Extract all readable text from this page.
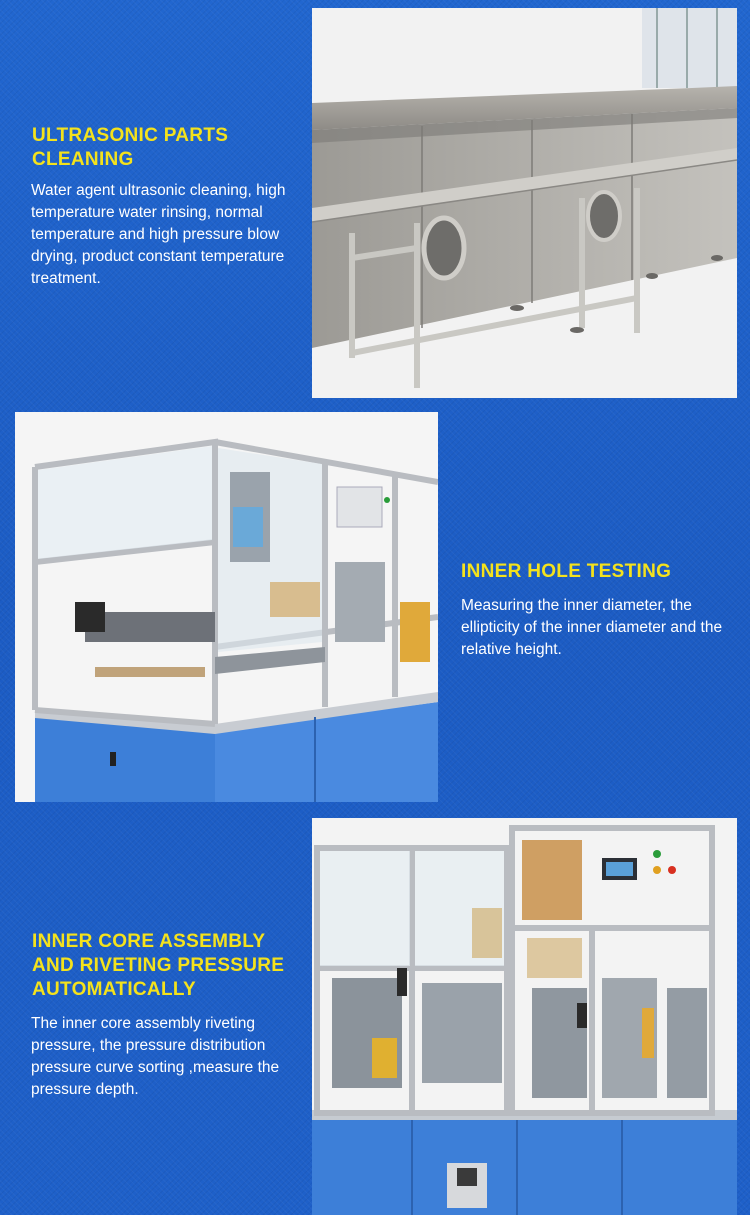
ULTRASONIC PARTS
CLEANING

Water agent ultrasonic cleaning, high temperature water rinsing, normal temperature and high pressure blow drying, product constant temperature treatment.

INNER HOLE TESTING

Measuring the inner diameter, the ellipticity of the inner diameter and the relative height.

INNER CORE ASSEMBLY
AND RIVETING PRESSURE
AUTOMATICALLY

The inner core assembly riveting pressure, the pressure distribution pressure curve sorting ,measure the pressure depth.
